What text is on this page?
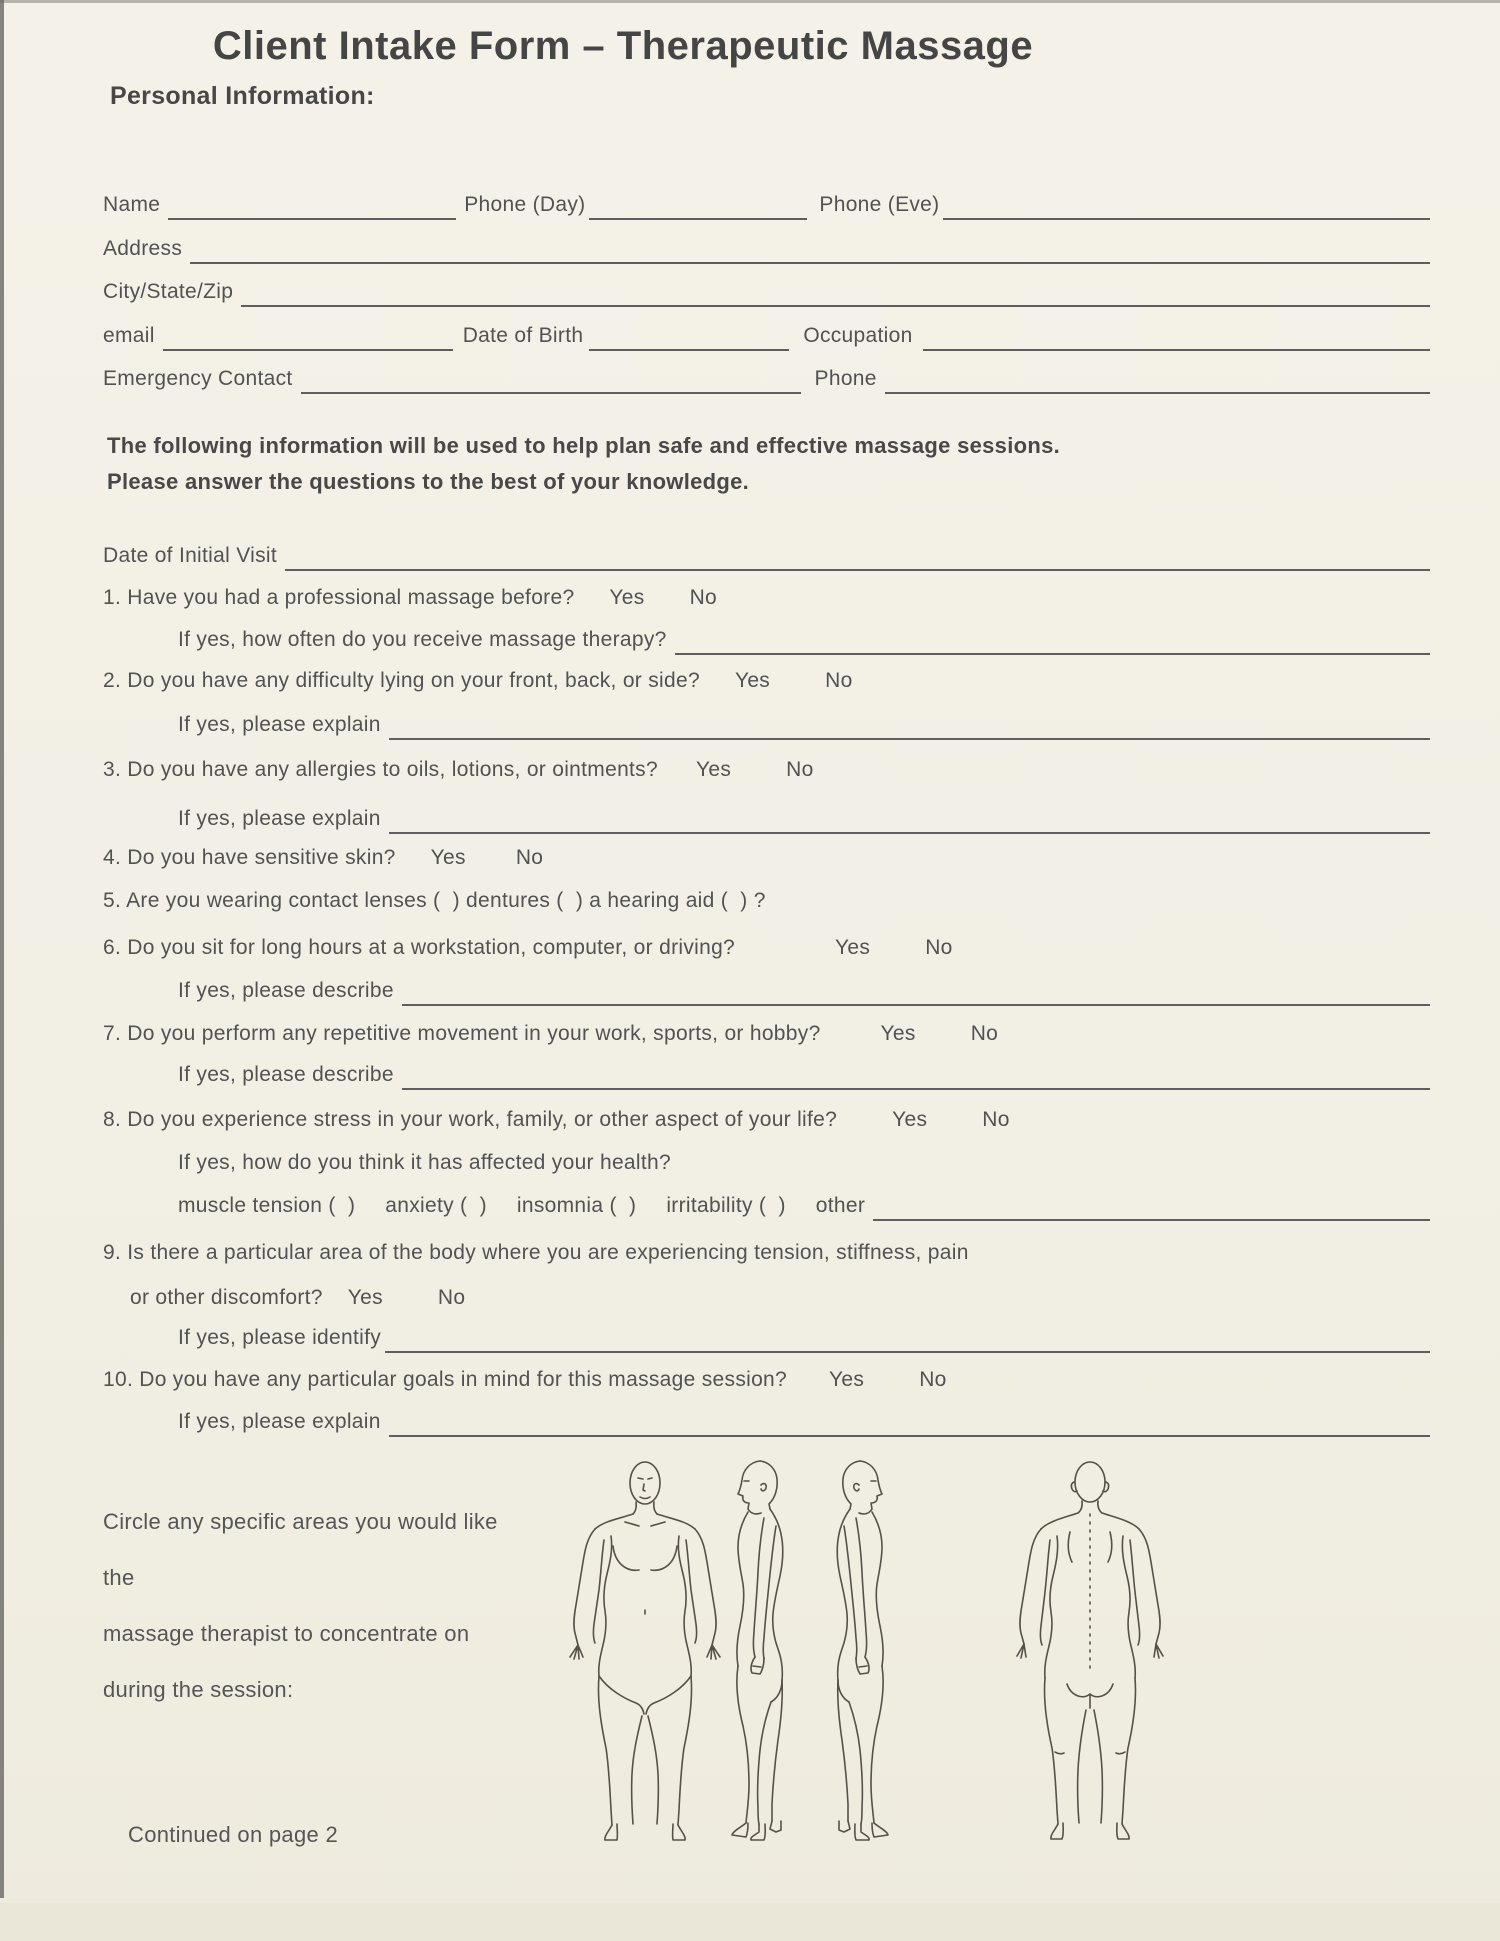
Client Intake Form – Therapeutic Massage
Personal Information:
Name	Phone (Day)	Phone (Eve)
Address
City/State/Zip
email	Date of Birth	Occupation
Emergency Contact	Phone
The following information will be used to help plan safe and effective massage sessions.
Please answer the questions to the best of your knowledge.
Date of Initial Visit
1. Have you had a professional massage before? Yes No
If yes, how often do you receive massage therapy?
2. Do you have any difficulty lying on your front, back, or side? Yes	No
If yes, please explain
3. Do you have any allergies to oils, lotions, or ointments? Yes	No
If yes, please explain
4. Do you have sensitive skin? Yes No
5. Are you wearing contact lenses (  ) dentures (  ) a hearing aid (  ) ?
6. Do you sit for long hours at a workstation, computer, or driving?	Yes	No
If yes, please describe
7. Do you perform any repetitive movement in your work, sports, or hobby?	Yes	No
If yes, please describe
8. Do you experience stress in your work, family, or other aspect of your life?	Yes	No
If yes, how do you think it has affected your health?
muscle tension (  ) anxiety (  ) insomnia (  ) irritability (  ) other
9. Is there a particular area of the body where you are experiencing tension, stiffness, pain
or other discomfort? Yes	No
If yes, please identify
10. Do you have any particular goals in mind for this massage session? Yes	No
If yes, please explain
Circle any specific areas you would like the
massage therapist to concentrate on
during the session:
Continued on page 2
